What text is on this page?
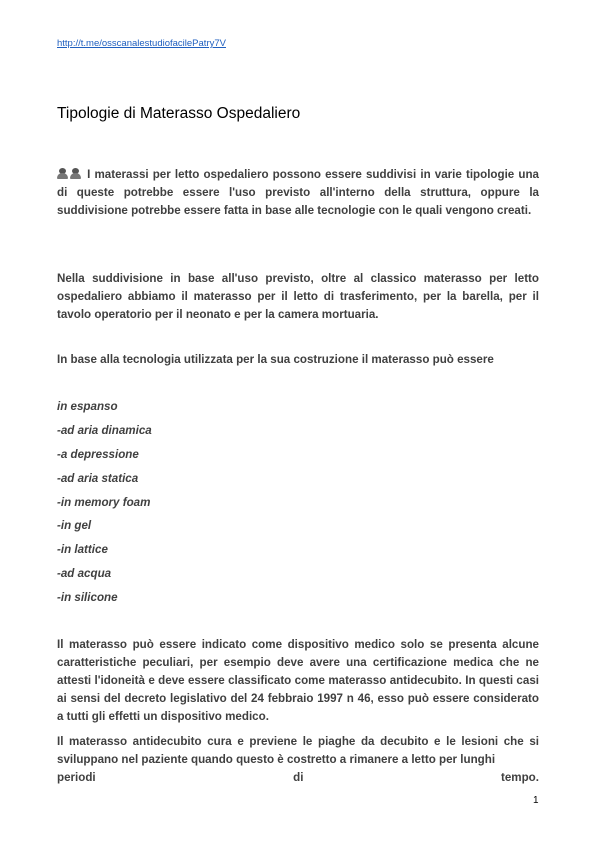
http://t.me/osscanalestudiofacilePatry7V
Tipologie di Materasso Ospedaliero
I materassi per letto ospedaliero possono essere suddivisi in varie tipologie una di queste potrebbe essere l'uso previsto all'interno della struttura, oppure la suddivisione potrebbe essere fatta in base alle tecnologie con le quali vengono creati.
Nella suddivisione in base all'uso previsto, oltre al classico materasso per letto ospedaliero abbiamo il materasso per il letto di trasferimento, per la barella, per il tavolo operatorio per il neonato e per la camera mortuaria.
In base alla tecnologia utilizzata per la sua costruzione il materasso può essere
in espanso
-ad aria dinamica
-a depressione
-ad aria statica
-in memory foam
-in gel
-in lattice
-ad acqua
-in silicone
Il materasso può essere indicato come dispositivo medico solo se presenta alcune caratteristiche peculiari, per esempio deve avere una certificazione medica che ne attesti l'idoneità e deve essere classificato come materasso antidecubito. In questi casi ai sensi del decreto legislativo del 24 febbraio 1997 n 46, esso può essere considerato a tutti gli effetti un dispositivo medico.
Il materasso antidecubito cura e previene le piaghe da decubito e le lesioni che si sviluppano nel paziente quando questo è costretto a rimanere a letto per lunghi
periodi	di	tempo.
1
